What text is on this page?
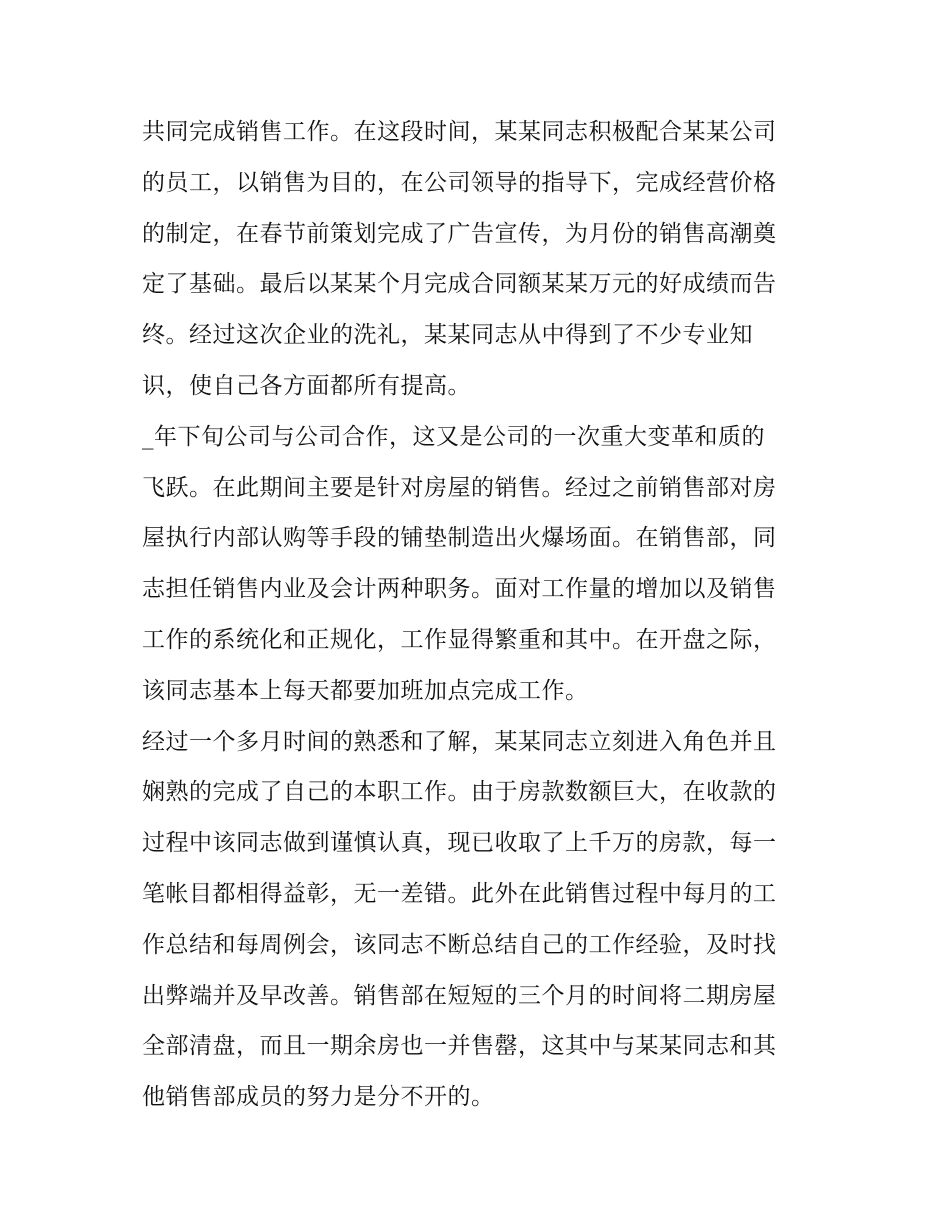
共同完成销售工作。在这段时间，某某同志积极配合某某公司
的员工，以销售为目的，在公司领导的指导下，完成经营价格
的制定，在春节前策划完成了广告宣传，为月份的销售高潮奠
定了基础。最后以某某个月完成合同额某某万元的好成绩而告
终。经过这次企业的洗礼，某某同志从中得到了不少专业知
识，使自己各方面都所有提高。
_年下旬公司与公司合作，这又是公司的一次重大变革和质的
飞跃。在此期间主要是针对房屋的销售。经过之前销售部对房
屋执行内部认购等手段的铺垫制造出火爆场面。在销售部，同
志担任销售内业及会计两种职务。面对工作量的增加以及销售
工作的系统化和正规化，工作显得繁重和其中。在开盘之际，
该同志基本上每天都要加班加点完成工作。
经过一个多月时间的熟悉和了解，某某同志立刻进入角色并且
娴熟的完成了自己的本职工作。由于房款数额巨大，在收款的
过程中该同志做到谨慎认真，现已收取了上千万的房款，每一
笔帐目都相得益彰，无一差错。此外在此销售过程中每月的工
作总结和每周例会，该同志不断总结自己的工作经验，及时找
出弊端并及早改善。销售部在短短的三个月的时间将二期房屋
全部清盘，而且一期余房也一并售罄，这其中与某某同志和其
他销售部成员的努力是分不开的。
